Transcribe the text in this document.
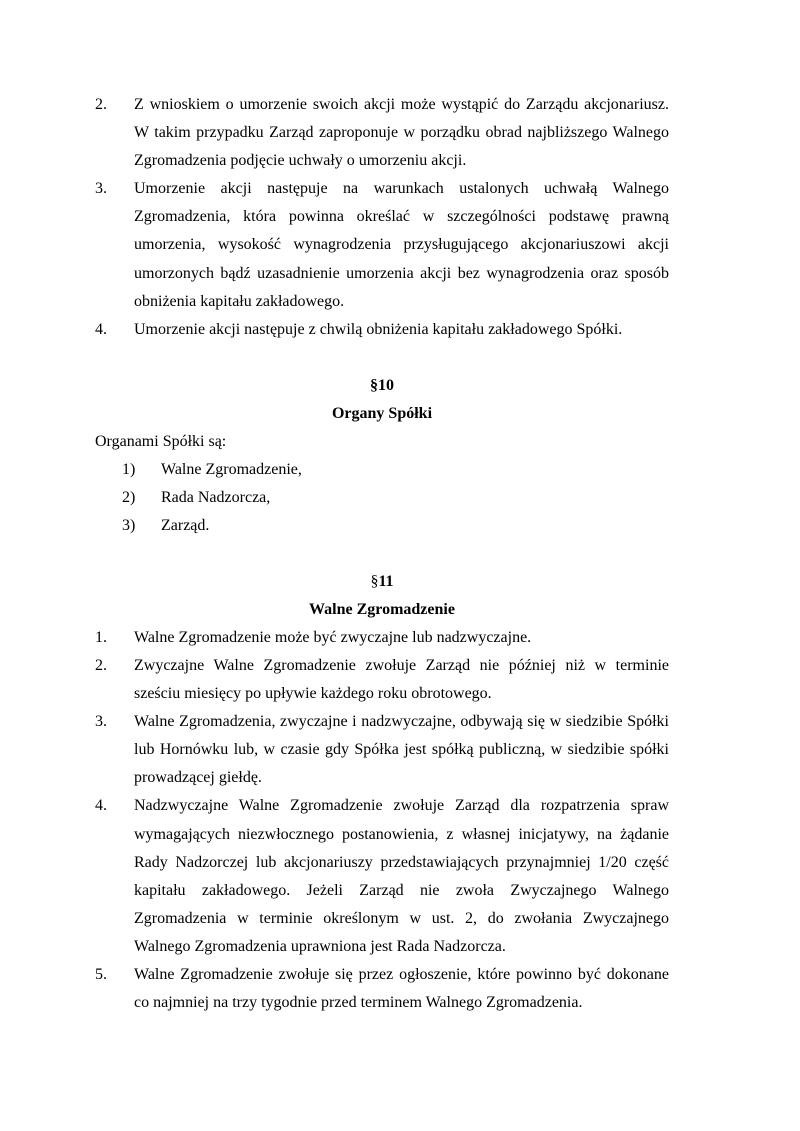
2.	Z wnioskiem o umorzenie swoich akcji może wystąpić do Zarządu akcjonariusz. W takim przypadku Zarząd zaproponuje w porządku obrad najbliższego Walnego Zgromadzenia podjęcie uchwały o umorzeniu akcji.
3.	Umorzenie akcji następuje na warunkach ustalonych uchwałą Walnego Zgromadzenia, która powinna określać w szczególności podstawę prawną umorzenia, wysokość wynagrodzenia przysługującego akcjonariuszowi akcji umorzonych bądź uzasadnienie umorzenia akcji bez wynagrodzenia oraz sposób obniżenia kapitału zakładowego.
4.	Umorzenie akcji następuje z chwilą obniżenia kapitału zakładowego Spółki.
§10
Organy Spółki
Organami Spółki są:
1)	Walne Zgromadzenie,
2)	Rada Nadzorcza,
3)	Zarząd.
§11
Walne Zgromadzenie
1.	Walne Zgromadzenie może być zwyczajne lub nadzwyczajne.
2.	Zwyczajne Walne Zgromadzenie zwołuje Zarząd nie później niż w terminie sześciu miesięcy po upływie każdego roku obrotowego.
3.	Walne Zgromadzenia, zwyczajne i nadzwyczajne, odbywają się w siedzibie Spółki lub Hornówku lub, w czasie gdy Spółka jest spółką publiczną, w siedzibie spółki prowadzącej giełdę.
4.	Nadzwyczajne Walne Zgromadzenie zwołuje Zarząd dla rozpatrzenia spraw wymagających niezwłocznego postanowienia, z własnej inicjatywy, na żądanie Rady Nadzorczej lub akcjonariuszy przedstawiających przynajmniej 1/20 część kapitału zakładowego. Jeżeli Zarząd nie zwoła Zwyczajnego Walnego Zgromadzenia w terminie określonym w ust. 2, do zwołania Zwyczajnego Walnego Zgromadzenia uprawniona jest Rada Nadzorcza.
5.	Walne Zgromadzenie zwołuje się przez ogłoszenie, które powinno być dokonane co najmniej na trzy tygodnie przed terminem Walnego Zgromadzenia.
